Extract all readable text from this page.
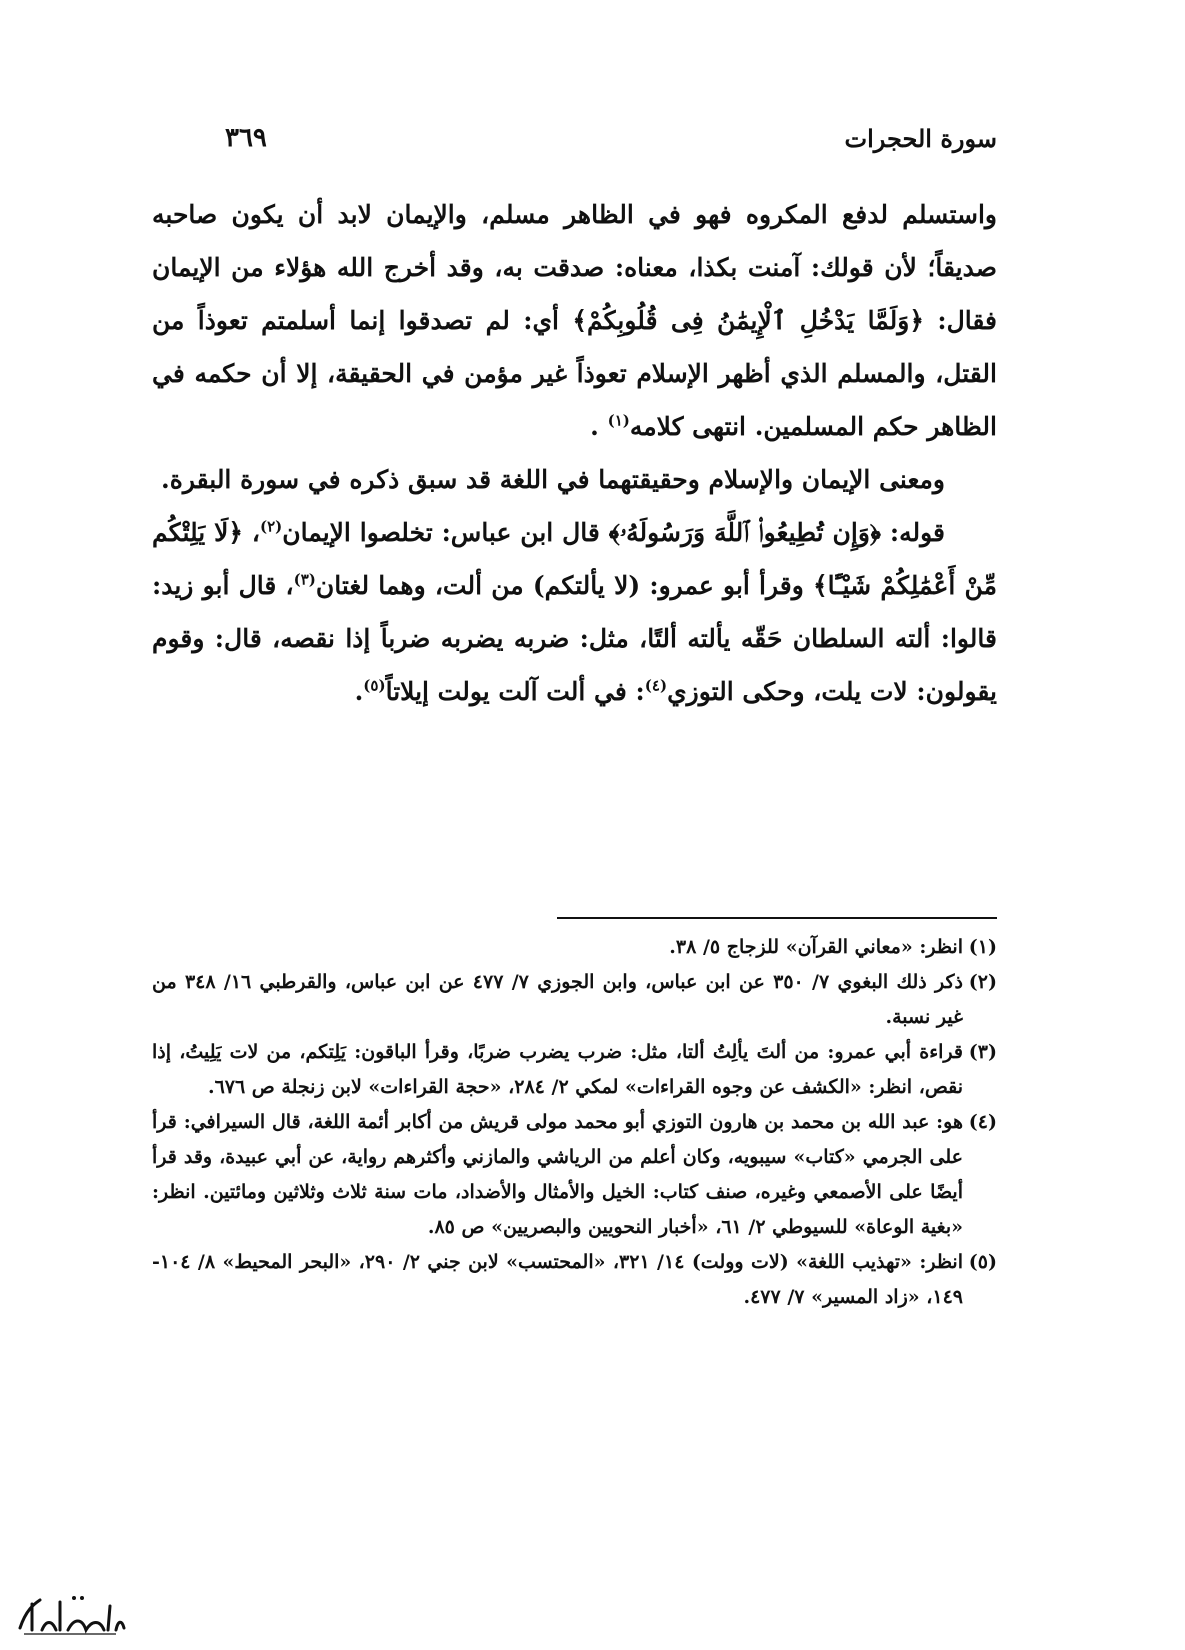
سورة الحجرات
٣٦٩

واستسلم لدفع المكروه فهو في الظاهر مسلم، والإيمان لابد أن يكون صاحبه صديقاً؛ لأن قولك: آمنت بكذا، معناه: صدقت به، وقد أخرج الله هؤلاء من الإيمان فقال: ﴿وَلَمَّا يَدْخُلِ ٱلْإِيمَٰنُ فِى قُلُوبِكُمْ﴾ أي: لم تصدقوا إنما أسلمتم تعوذاً من القتل، والمسلم الذي أظهر الإسلام تعوذاً غير مؤمن في الحقيقة، إلا أن حكمه في الظاهر حكم المسلمين. انتهى كلامه$^{(١)}$ .

ومعنى الإيمان والإسلام وحقيقتهما في اللغة قد سبق ذكره في سورة البقرة.

قوله: ﴿وَإِن تُطِيعُوا۟ ٱللَّهَ وَرَسُولَهُۥ﴾ قال ابن عباس: تخلصوا الإيمان$^{(٢)}$، ﴿لَا يَلِتْكُم مِّنْ أَعْمَٰلِكُمْ شَيْـًٔا﴾ وقرأ أبو عمرو: (لا يألتكم) من ألت، وهما لغتان$^{(٣)}$، قال أبو زيد: قالوا: ألته السلطان حَقّه يألته ألتًا، مثل: ضربه يضربه ضرباً إذا نقصه، قال: وقوم يقولون: لات يلت، وحكى التوزي$^{(٤)}$: في ألت آلت يولت إيلاتاً$^{(٥)}$.

(١)
انظر: «معاني القرآن» للزجاج ٥/ ٣٨.
(٢)
ذكر ذلك البغوي ٧/ ٣٥٠ عن ابن عباس، وابن الجوزي ٧/ ٤٧٧ عن ابن عباس، والقرطبي ١٦/ ٣٤٨ من غير نسبة.
(٣)
قراءة أبي عمرو: من ألتَ يألِتُ ألتا، مثل: ضرب يضرب ضربًا، وقرأ الباقون: يَلِتكم، من لات يَلِيتُ، إذا نقص، انظر: «الكشف عن وجوه القراءات» لمكي ٢/ ٢٨٤، «حجة القراءات» لابن زنجلة ص ٦٧٦.
(٤)
هو: عبد الله بن محمد بن هارون التوزي أبو محمد مولى قريش من أكابر أئمة اللغة، قال السيرافي: قرأ على الجرمي «كتاب» سيبويه، وكان أعلم من الرياشي والمازني وأكثرهم رواية، عن أبي عبيدة، وقد قرأ أيضًا على الأصمعي وغيره، صنف كتاب: الخيل والأمثال والأضداد، مات سنة ثلاث وثلاثين ومائتين. انظر: «بغية الوعاة» للسيوطي ٢/ ٦١، «أخبار النحويين والبصريين» ص ٨٥.
(٥)
انظر: «تهذيب اللغة» (لات وولت) ١٤/ ٣٢١، «المحتسب» لابن جني ٢/ ٢٩٠، «البحر المحيط» ٨/ ١٠٤- ١٤٩، «زاد المسير» ٧/ ٤٧٧.
